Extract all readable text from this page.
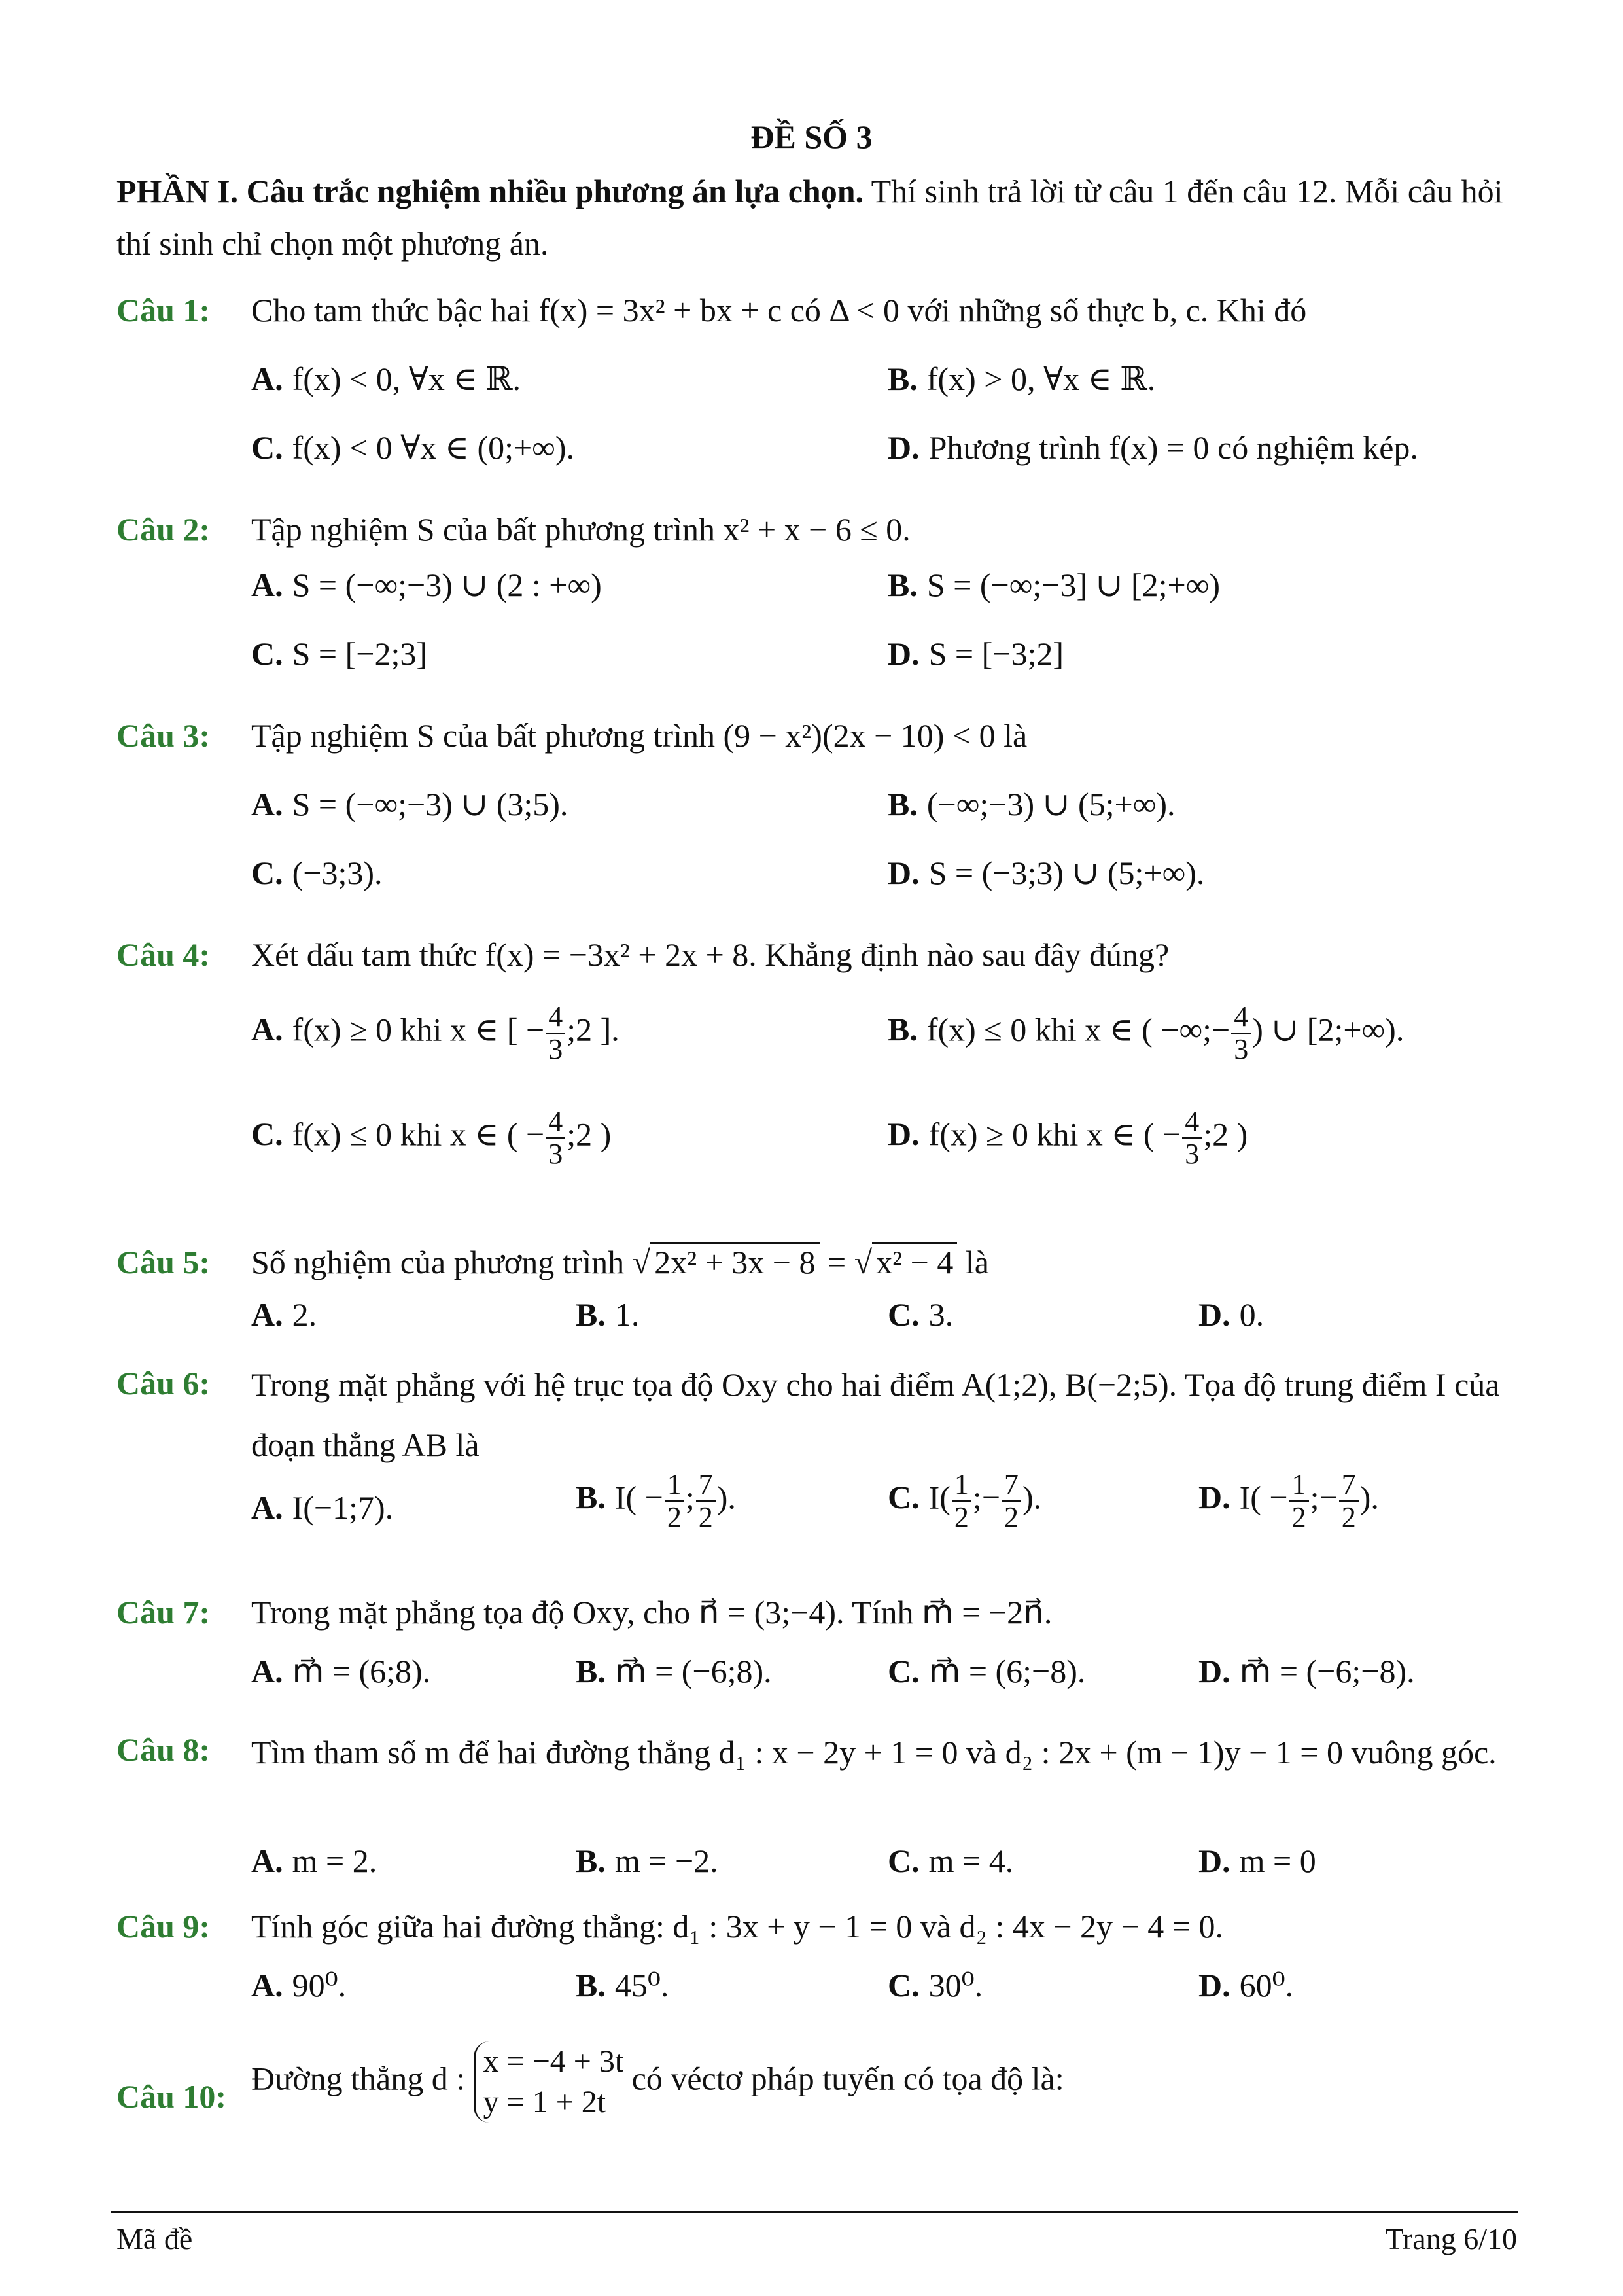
ĐỀ SỐ 3
PHẦN I. Câu trắc nghiệm nhiều phương án lựa chọn. Thí sinh trả lời từ câu 1 đến câu 12. Mỗi câu hỏi thí sinh chỉ chọn một phương án.
Câu 1: Cho tam thức bậc hai f(x) = 3x² + bx + c có Δ < 0 với những số thực b, c. Khi đó
A. f(x) < 0, ∀x ∈ ℝ.	B. f(x) > 0, ∀x ∈ ℝ.
C. f(x) < 0 ∀x ∈ (0;+∞).	D. Phương trình f(x) = 0 có nghiệm kép.
Câu 2: Tập nghiệm S của bất phương trình x² + x − 6 ≤ 0.
A. S = (−∞;−3) ∪ (2 : +∞)	B. S = (−∞;−3] ∪ [2;+∞)
C. S = [−2;3]	D. S = [−3;2]
Câu 3: Tập nghiệm S của bất phương trình (9 − x²)(2x − 10) < 0 là
A. S = (−∞;−3) ∪ (3;5).	B. (−∞;−3) ∪ (5;+∞).
C. (−3;3).	D. S = (−3;3) ∪ (5;+∞).
Câu 4: Xét dấu tam thức f(x) = −3x² + 2x + 8. Khẳng định nào sau đây đúng?
A. f(x) ≥ 0 khi x ∈ [ − $\frac{4}{3}$ ;2 ].	B. f(x) ≤ 0 khi x ∈ ( −∞;− $\frac{4}{3}$ ) ∪ [2;+∞).
C. f(x) ≤ 0 khi x ∈ ( − $\frac{4}{3}$ ;2 )	D. f(x) ≥ 0 khi x ∈ ( − $\frac{4}{3}$ ;2 )
Câu 5: Số nghiệm của phương trình √ 2x² + 3x − 8 = √ x² − 4 là
A. 2.	B. 1.	C. 3.	D. 0.
Câu 6: Trong mặt phẳng với hệ trục tọa độ Oxy cho hai điểm A(1;2), B(−2;5). Tọa độ trung điểm I của đoạn thẳng AB là
A. I(−1;7).	B. $I( - \frac{1}{2}$ ; $\frac{7}{2}$ ).	C. $I( \frac{1}{2}$ ;− $\frac{7}{2}$ ).	D. $I( - \frac{1}{2}$ ;− $\frac{7}{2}$ ).
Câu 7: Trong mặt phẳng tọa độ Oxy, cho n⃗ = (3;−4). Tính m⃗ = −2n⃗.
A. m⃗ = (6;8).	B. m⃗ = (−6;8).	C. m⃗ = (6;−8).	D. m⃗ = (−6;−8).
Câu 8: Tìm tham số m để hai đường thẳng d₁ : x − 2y + 1 = 0 và d₂ : 2x + (m − 1)y − 1 = 0 vuông góc.
A. m = 2.	B. m = −2.	C. m = 4.	D. m = 0
Câu 9: Tính góc giữa hai đường thẳng: d₁ : 3x + y − 1 = 0 và d₂ : 4x − 2y − 4 = 0.
A. 90⁰.	B. 45⁰.	C. 30⁰.	D. 60⁰.
Câu 10: Đường thẳng d : x = −4 + 3t
y = 1 + 2t
có véctơ pháp tuyến có tọa độ là:
Mã đề	Trang 6/10
